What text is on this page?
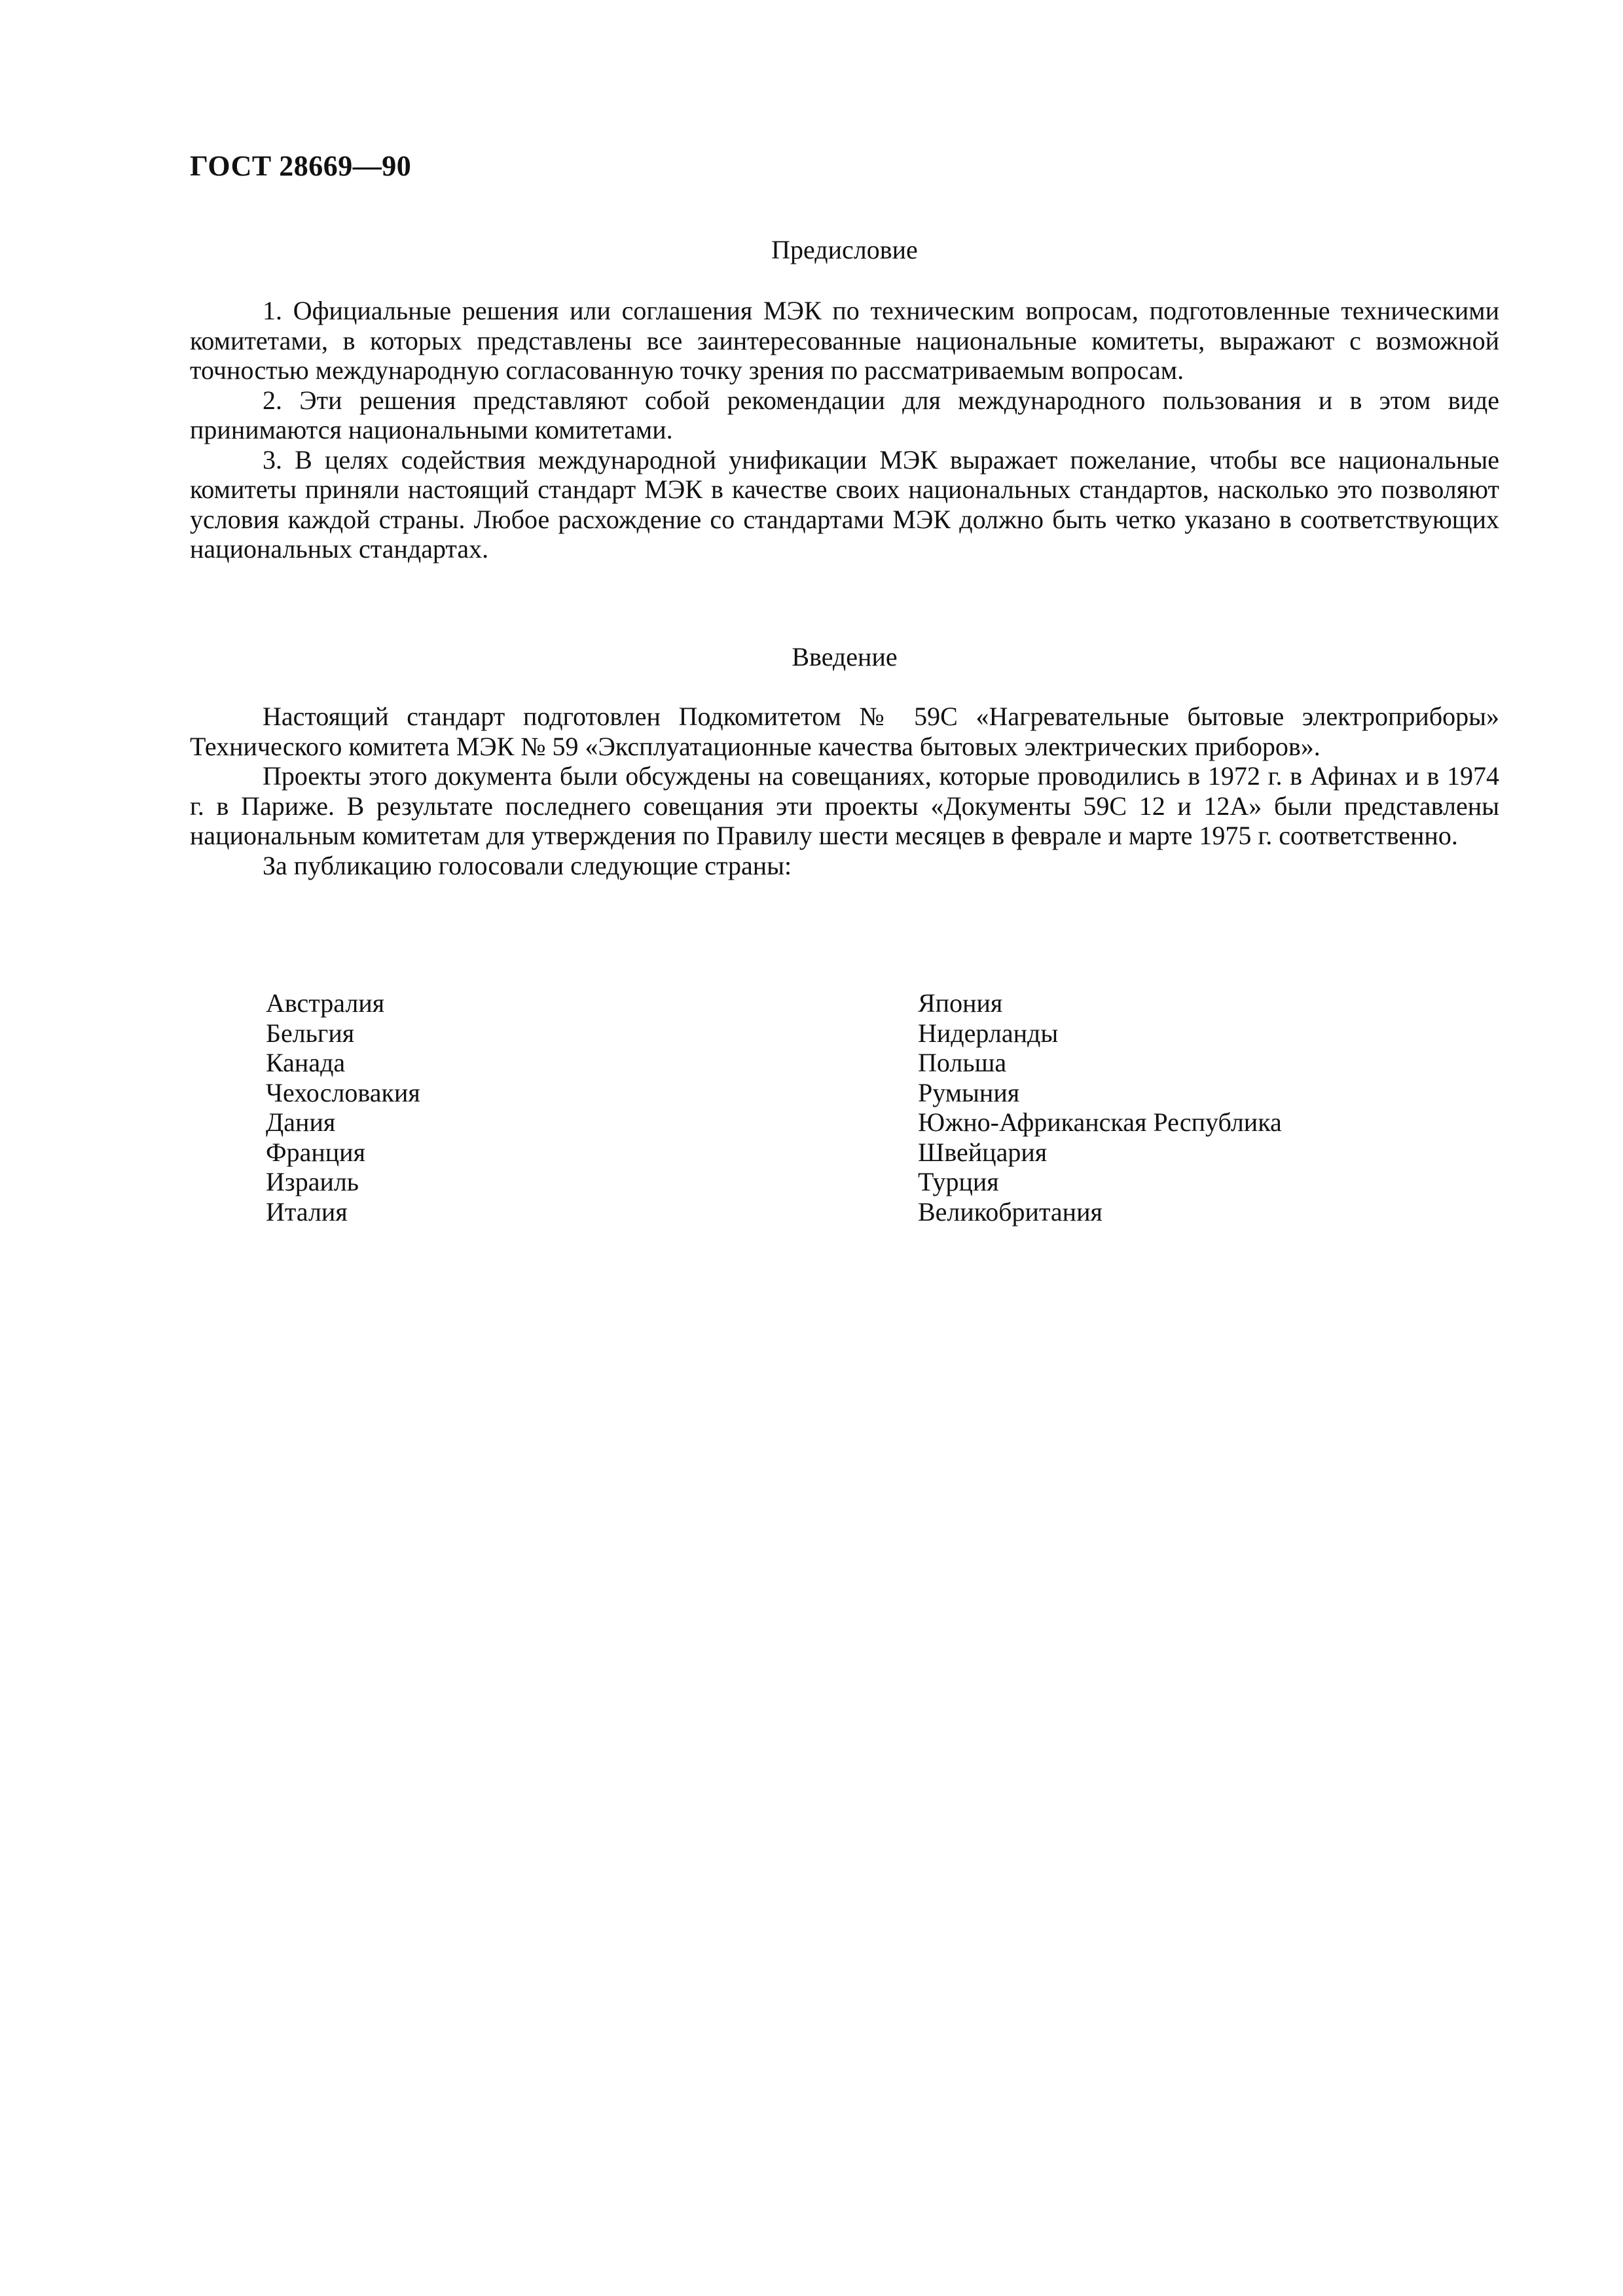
ГОСТ 28669—90
Предисловие

1. Официальные решения или соглашения МЭК по техническим вопросам, подготовленные техническими комитетами, в которых представлены все заинтересованные национальные комитеты, выражают с возможной точностью международную согласованную точку зрения по рассматриваемым вопросам.

2. Эти решения представляют собой рекомендации для международного пользования и в этом виде принимаются национальными комитетами.

3. В целях содействия международной унификации МЭК выражает пожелание, чтобы все национальные комитеты приняли настоящий стандарт МЭК в качестве своих национальных стандартов, насколько это позволяют условия каждой страны. Любое расхождение со стандартами МЭК должно быть четко указано в соответствующих национальных стандартах.

Введение

Настоящий стандарт подготовлен Подкомитетом № 59С «Нагревательные бытовые электроприборы» Технического комитета МЭК № 59 «Эксплуатационные качества бытовых электрических приборов».

Проекты этого документа были обсуждены на совещаниях, которые проводились в 1972 г. в Афинах и в 1974 г. в Париже. В результате последнего совещания эти проекты «Документы 59С 12 и 12А» были представлены национальным комитетам для утверждения по Правилу шести месяцев в феврале и марте 1975 г. соответственно.

За публикацию голосовали следующие страны:

Австралия
Бельгия
Канада
Чехословакия
Дания
Франция
Израиль
Италия
Япония
Нидерланды
Польша
Румыния
Южно-Африканская Республика
Швейцария
Турция
Великобритания
